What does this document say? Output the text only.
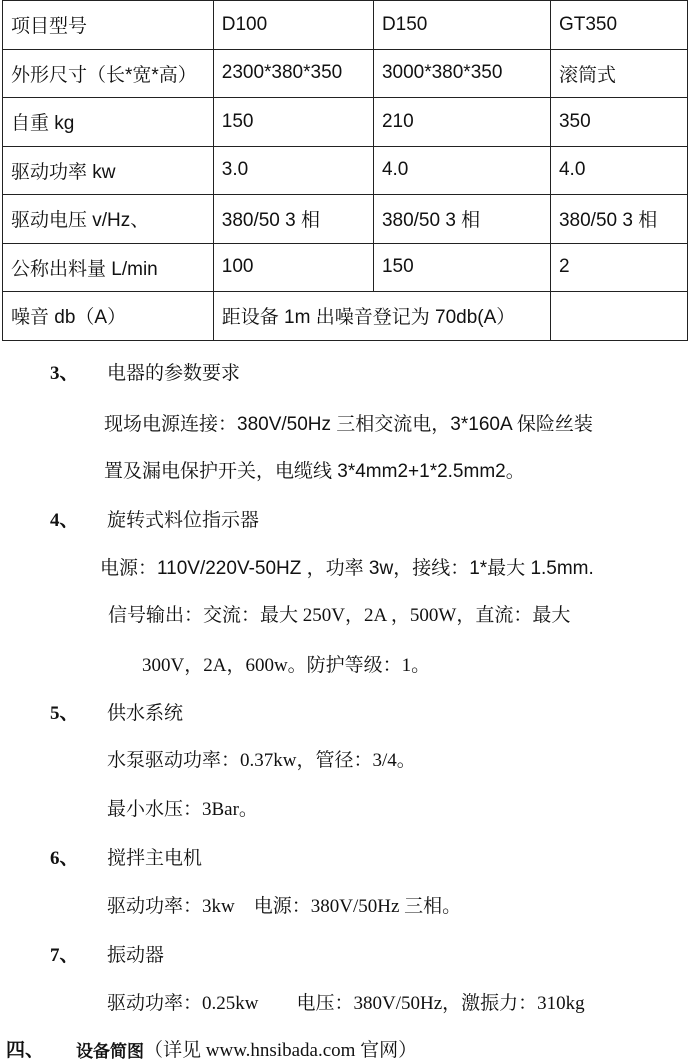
项目型号	D100	D150	GT350
外形尺寸（长*宽*高）	2300*380*350	3000*380*350	滚筒式
自重 kg	150	210	350
驱动功率 kw	3.0	4.0	4.0
驱动电压 v/Hz、	380/50 3 相	380/50 3 相	380/50 3 相
公称出料量 L/min	100	150	2
噪音 db（A）	距设备 1m 出噪音登记为 70db(A）		
3、 电器的参数要求
现场电源连接：380V/50Hz 三相交流电，3*160A 保险丝装
置及漏电保护开关，电缆线 3*4mm2+1*2.5mm2。
4、 旋转式料位指示器
电源：110V/220V-50HZ ，功率 3w，接线：1*最大 1.5mm.
信号输出：交流：最大 250V，2A ，500W，直流：最大
300V，2A，600w。防护等级：1。
5、 供水系统
水泵驱动功率：0.37kw，管径：3/4。
最小水压：3Bar。
6、 搅拌主电机
驱动功率：3kw　电源：380V/50Hz 三相。
7、 振动器
驱动功率：0.25kw　　电压：380V/50Hz，激振力：310kg
四、 设备简图 （详见 www.hnsibada.com 官网）
